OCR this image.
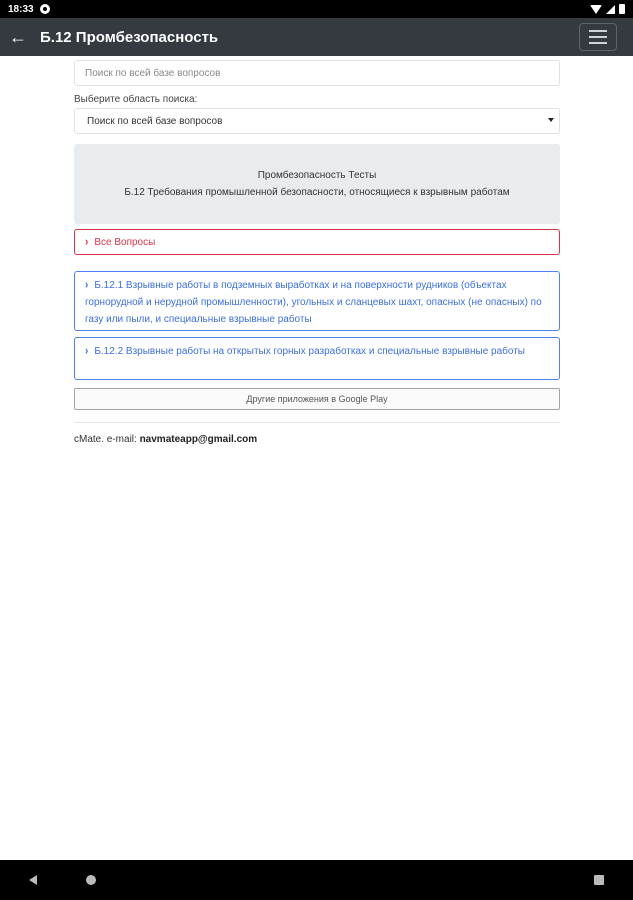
18:33
← Б.12 Промбезопасность
Поиск по всей базе вопросов
Выберите область поиска:
Поиск по всей базе вопросов
Промбезопасность Тесты
Б.12 Требования промышленной безопасности, относящиеся к взрывным работам
› Все Вопросы
› Б.12.1 Взрывные работы в подземных выработках и на поверхности рудников (объектах горнорудной и нерудной промышленности), угольных и сланцевых шахт, опасных (не опасных) по газу или пыли, и специальные взрывные работы
› Б.12.2 Взрывные работы на открытых горных разработках и специальные взрывные работы
Другие приложения в Google Play
сMate. e-mail: navmateapp@gmail.com
